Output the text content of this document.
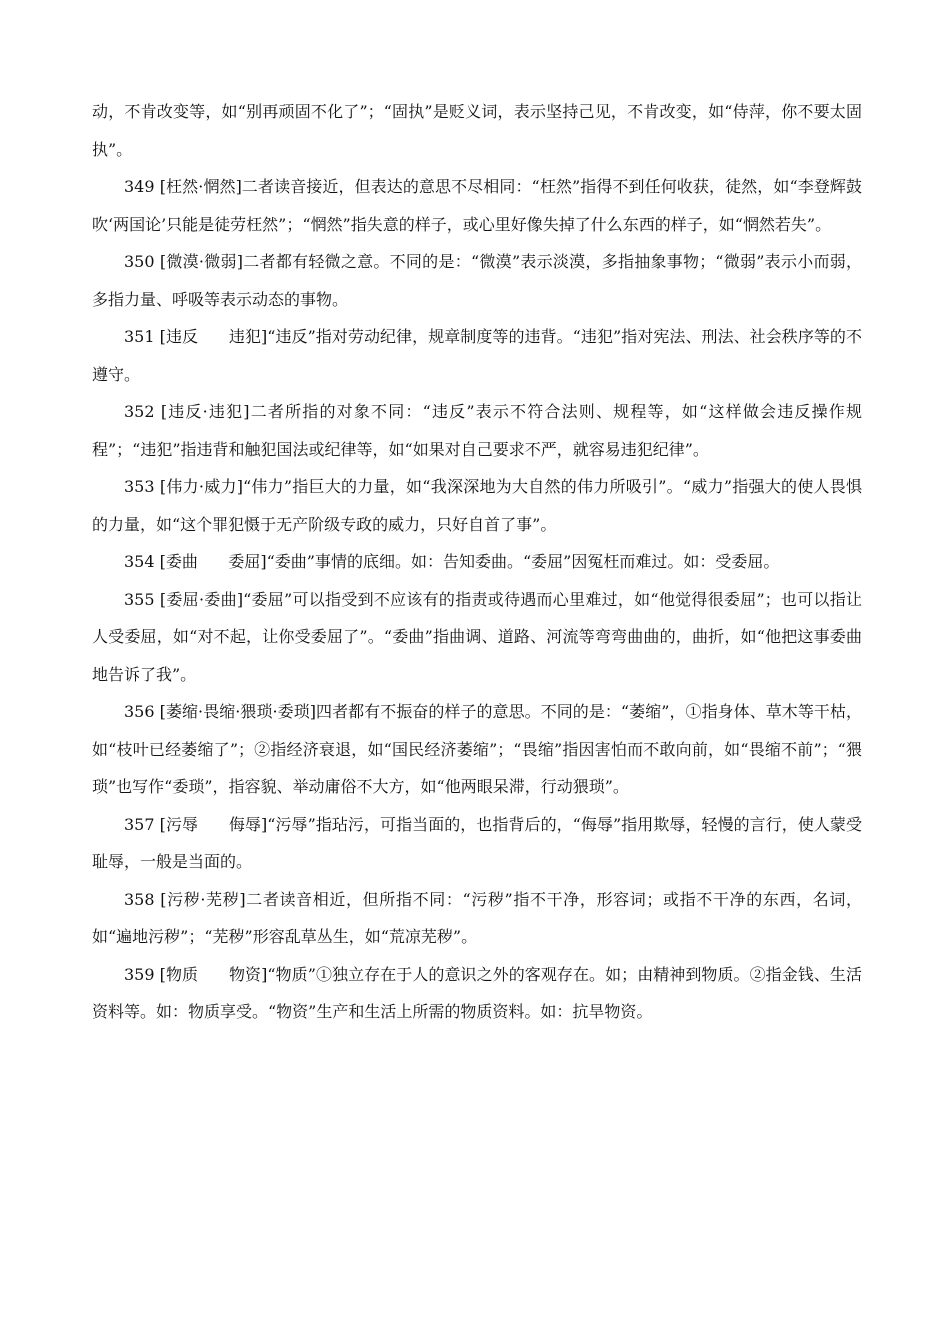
动，不肯改变等，如“别再顽固不化了”；“固执”是贬义词，表示坚持己见，不肯改变，如“侍萍，你不要太固执”。

349 [枉然·惘然]二者读音接近，但表达的意思不尽相同：“枉然”指得不到任何收获，徒然，如“李登辉鼓吹‘两国论’只能是徒劳枉然”；“惘然”指失意的样子，或心里好像失掉了什么东西的样子，如“惘然若失”。

350 [微漠·微弱]二者都有轻微之意。不同的是：“微漠”表示淡漠，多指抽象事物；“微弱”表示小而弱，多指力量、呼吸等表示动态的事物。

351 [违反      违犯]“违反”指对劳动纪律，规章制度等的违背。“违犯”指对宪法、刑法、社会秩序等的不遵守。

352 [违反·违犯]二者所指的对象不同：“违反”表示不符合法则、规程等，如“这样做会违反操作规程”；“违犯”指违背和触犯国法或纪律等，如“如果对自己要求不严，就容易违犯纪律”。

353 [伟力·威力]“伟力”指巨大的力量，如“我深深地为大自然的伟力所吸引”。“威力”指强大的使人畏惧的力量，如“这个罪犯慑于无产阶级专政的威力，只好自首了事”。

354 [委曲      委屈]“委曲”事情的底细。如：告知委曲。“委屈”因冤枉而难过。如：受委屈。

355 [委屈·委曲]“委屈”可以指受到不应该有的指责或待遇而心里难过，如“他觉得很委屈”；也可以指让人受委屈，如“对不起，让你受委屈了”。“委曲”指曲调、道路、河流等弯弯曲曲的，曲折，如“他把这事委曲地告诉了我”。

356 [萎缩·畏缩·猥琐·委琐]四者都有不振奋的样子的意思。不同的是：“萎缩”，①指身体、草木等干枯，如“枝叶已经萎缩了”；②指经济衰退，如“国民经济萎缩”；“畏缩”指因害怕而不敢向前，如“畏缩不前”；“猥琐”也写作“委琐”，指容貌、举动庸俗不大方，如“他两眼呆滞，行动猥琐”。

357 [污辱      侮辱]“污辱”指玷污，可指当面的，也指背后的，“侮辱”指用欺辱，轻慢的言行，使人蒙受耻辱，一般是当面的。

358 [污秽·芜秽]二者读音相近，但所指不同：“污秽”指不干净，形容词；或指不干净的东西，名词，如“遍地污秽”；“芜秽”形容乱草丛生，如“荒凉芜秽”。

359 [物质      物资]“物质”①独立存在于人的意识之外的客观存在。如；由精神到物质。②指金钱、生活资料等。如：物质享受。“物资”生产和生活上所需的物质资料。如：抗旱物资。
